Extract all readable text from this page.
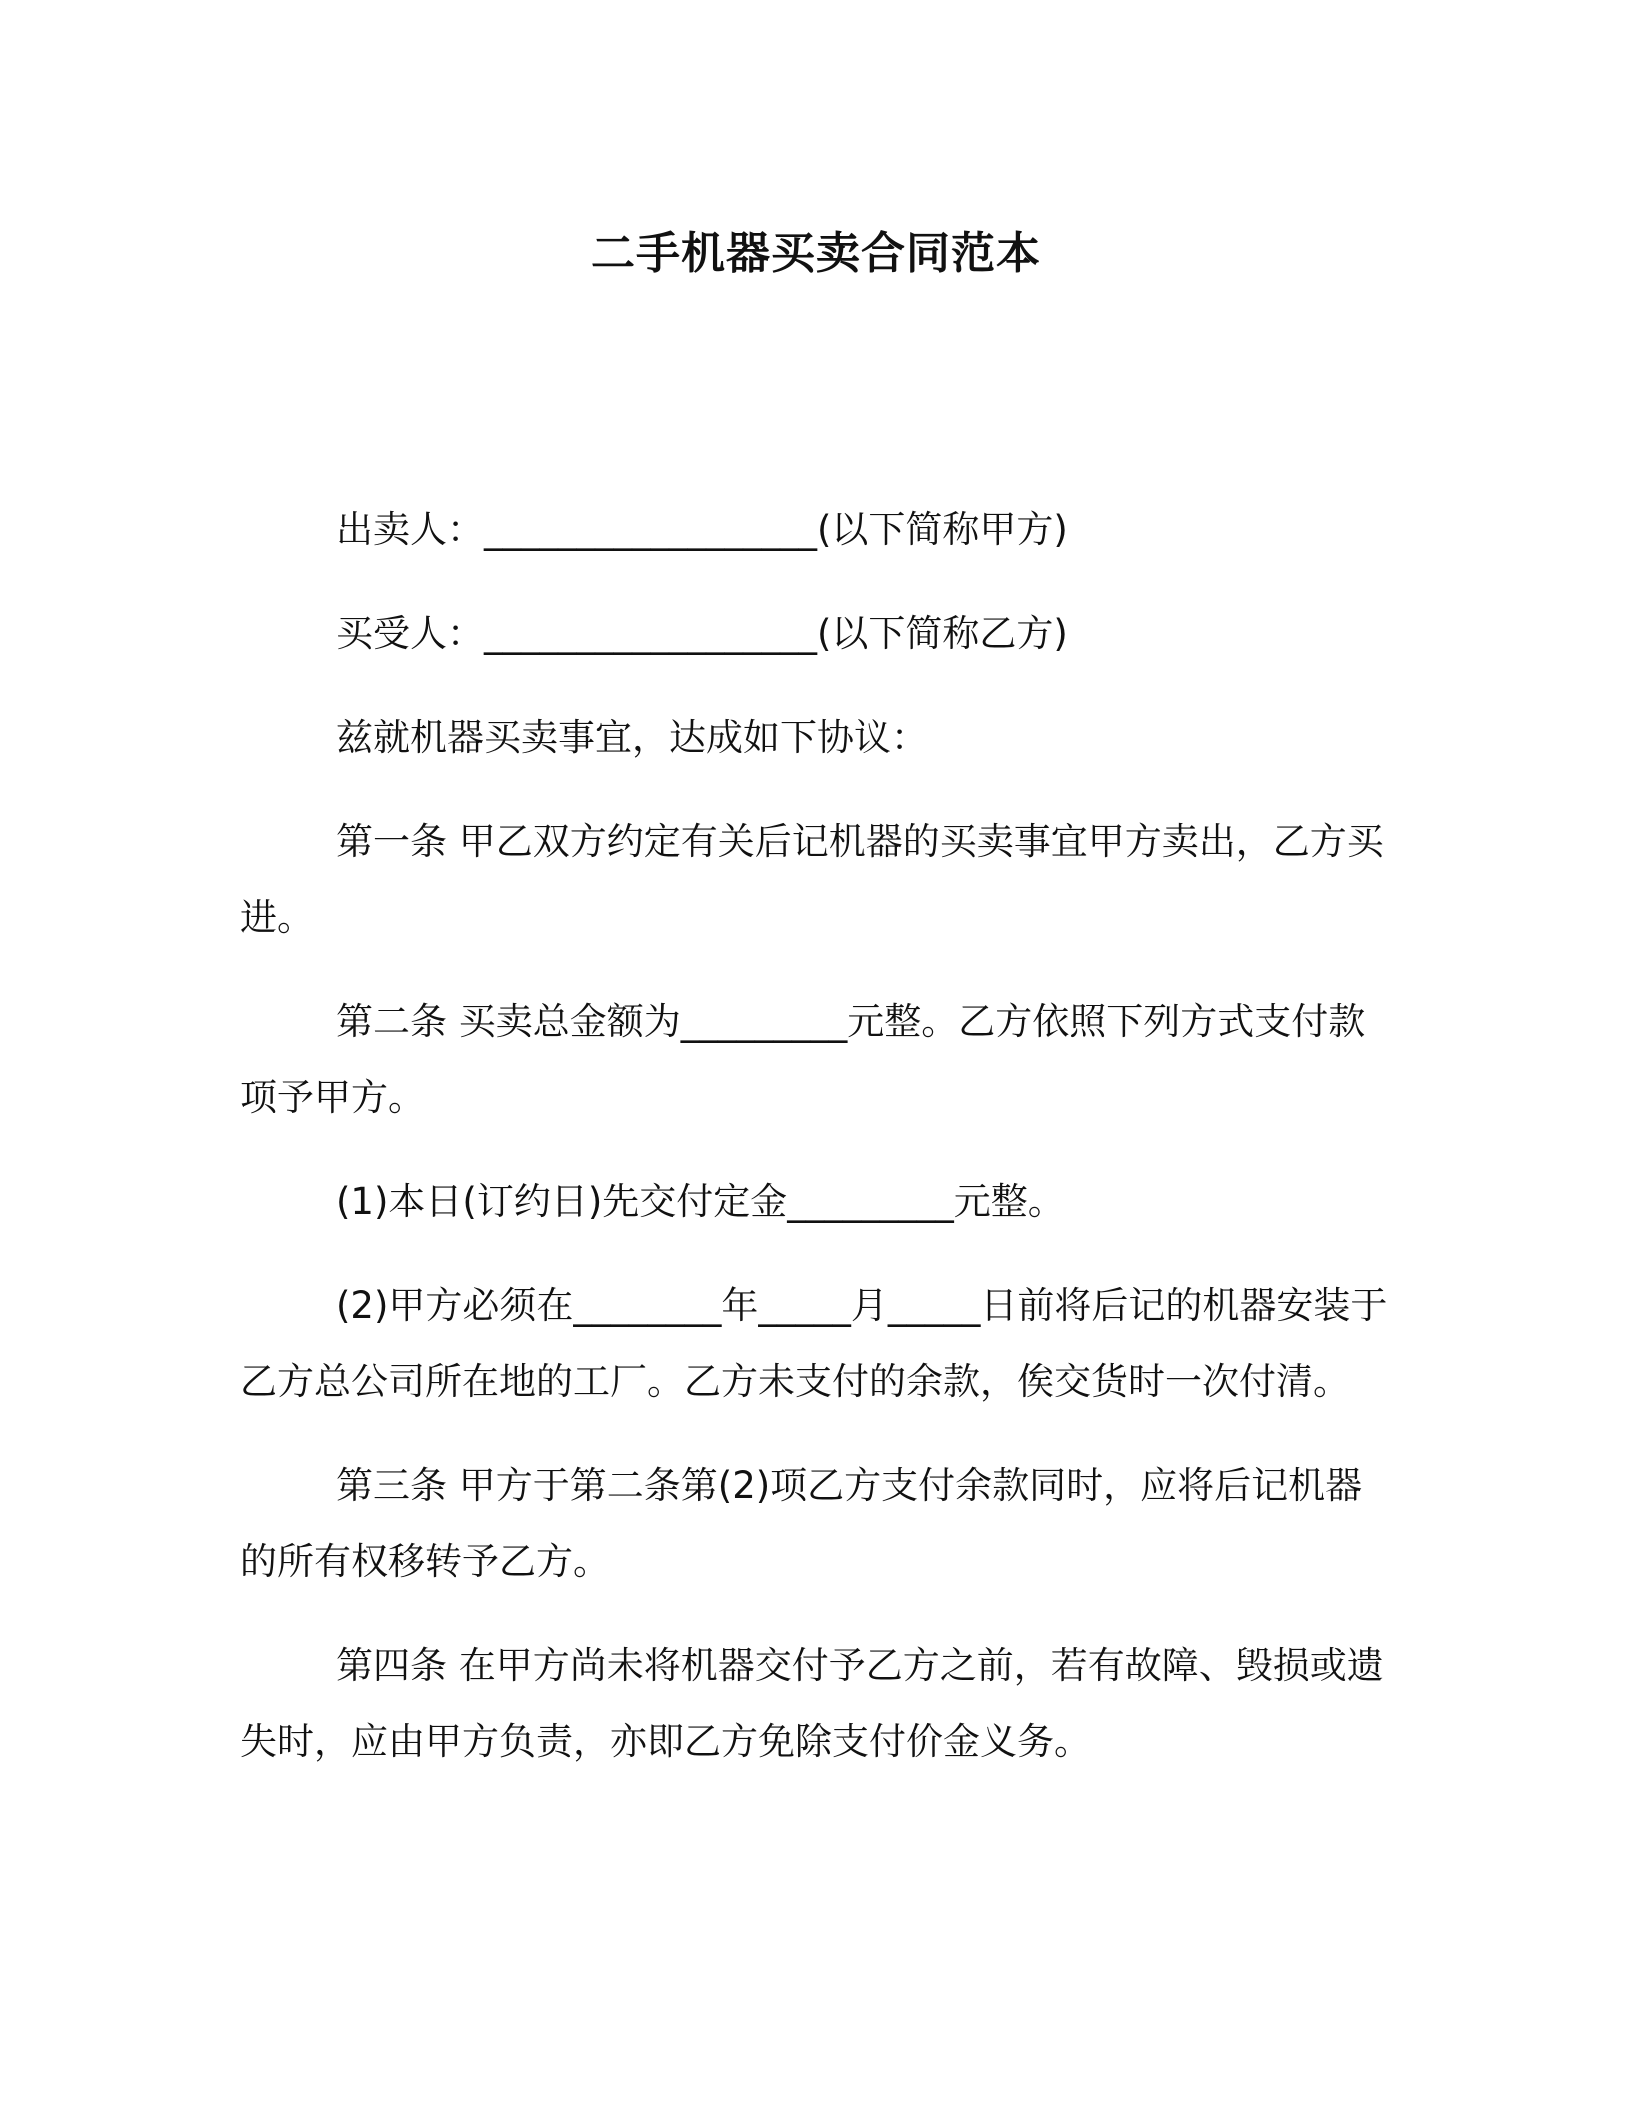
二手机器买卖合同范本

出卖人：__________________(以下简称甲方)

买受人：__________________(以下简称乙方)

兹就机器买卖事宜，达成如下协议：

第一条 甲乙双方约定有关后记机器的买卖事宜甲方卖出，乙方买进。

第二条 买卖总金额为_________元整。乙方依照下列方式支付款项予甲方。

(1)本日(订约日)先交付定金_________元整。

(2)甲方必须在________年_____月_____日前将后记的机器安装于乙方总公司所在地的工厂。乙方未支付的余款，俟交货时一次付清。

第三条 甲方于第二条第(2)项乙方支付余款同时，应将后记机器的所有权移转予乙方。

第四条 在甲方尚未将机器交付予乙方之前，若有故障、毁损或遗失时，应由甲方负责，亦即乙方免除支付价金义务。
